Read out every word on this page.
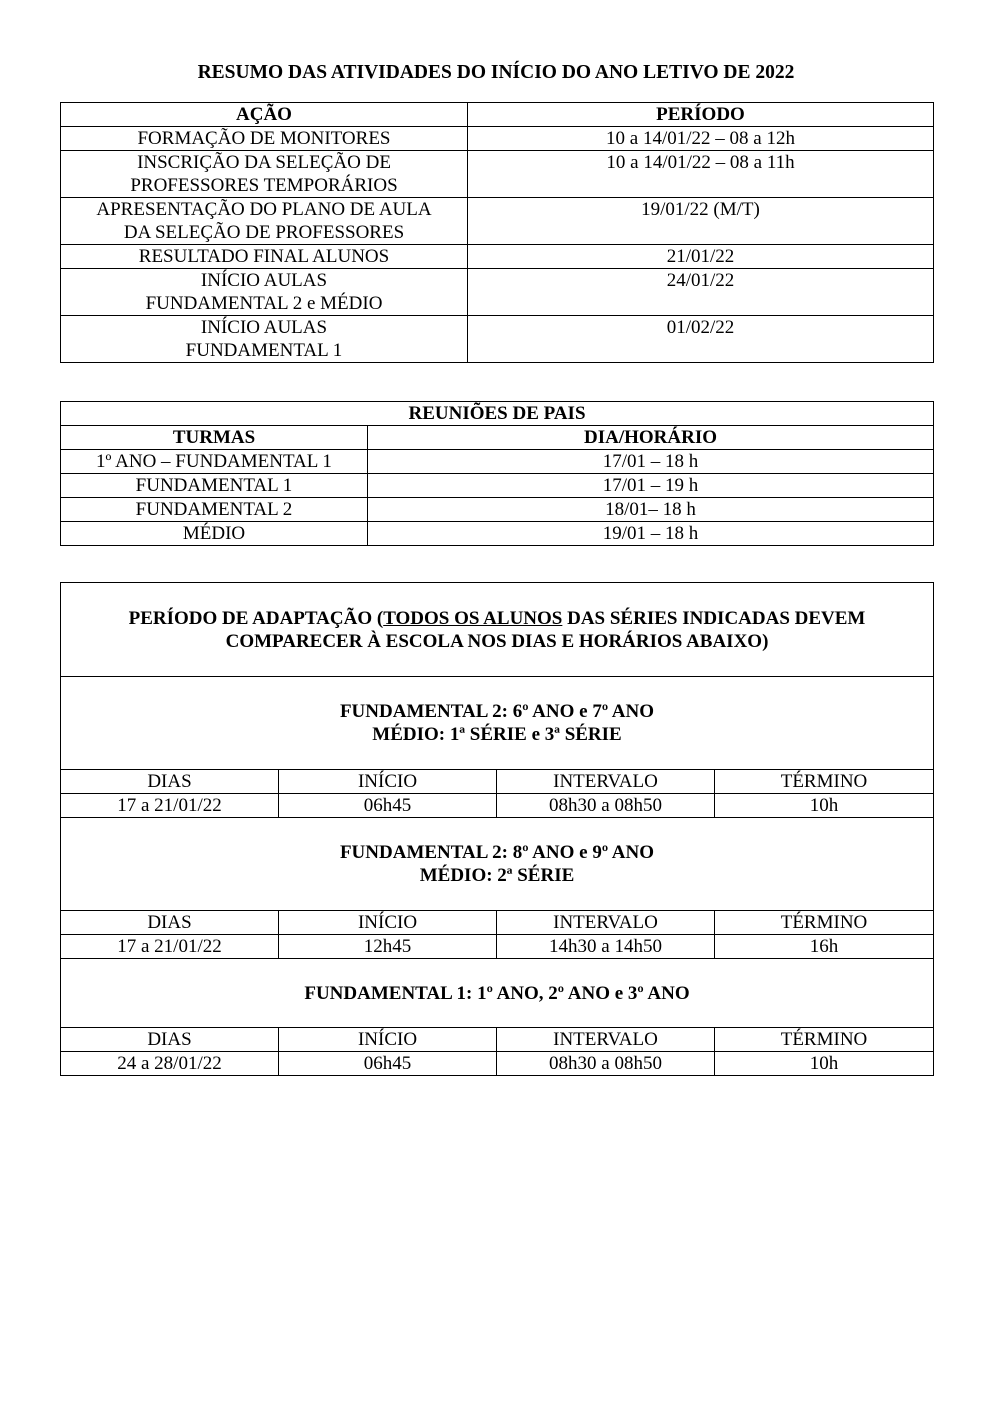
RESUMO DAS ATIVIDADES DO INÍCIO DO ANO LETIVO DE 2022
AÇÃO	PERÍODO
FORMAÇÃO DE MONITORES	10 a 14/01/22 – 08 a 12h
INSCRIÇÃO DA SELEÇÃO DE
PROFESSORES TEMPORÁRIOS	10 a 14/01/22 – 08 a 11h
APRESENTAÇÃO DO PLANO DE AULA
DA SELEÇÃO DE PROFESSORES	19/01/22 (M/T)
RESULTADO FINAL ALUNOS	21/01/22
INÍCIO AULAS
FUNDAMENTAL 2 e MÉDIO	24/01/22
INÍCIO AULAS
FUNDAMENTAL 1	01/02/22
REUNIÕES DE PAIS	
TURMAS	DIA/HORÁRIO
1º ANO – FUNDAMENTAL 1	17/01 – 18 h
FUNDAMENTAL 1	17/01 – 19 h
FUNDAMENTAL 2	18/01– 18 h
MÉDIO	19/01 – 18 h
PERÍODO DE ADAPTAÇÃO (TODOS OS ALUNOS DAS SÉRIES INDICADAS DEVEM
COMPARECER À ESCOLA NOS DIAS E HORÁRIOS ABAIXO)			
FUNDAMENTAL 2: 6º ANO e 7º ANO
MÉDIO: 1ª SÉRIE e 3ª SÉRIE			
DIAS	INÍCIO	INTERVALO	TÉRMINO
17 a 21/01/22	06h45	08h30 a 08h50	10h
FUNDAMENTAL 2: 8º ANO e 9º ANO
MÉDIO: 2ª SÉRIE			
DIAS	INÍCIO	INTERVALO	TÉRMINO
17 a 21/01/22	12h45	14h30 a 14h50	16h
FUNDAMENTAL 1: 1º ANO, 2º ANO e 3º ANO			
DIAS	INÍCIO	INTERVALO	TÉRMINO
24 a 28/01/22	06h45	08h30 a 08h50	10h
